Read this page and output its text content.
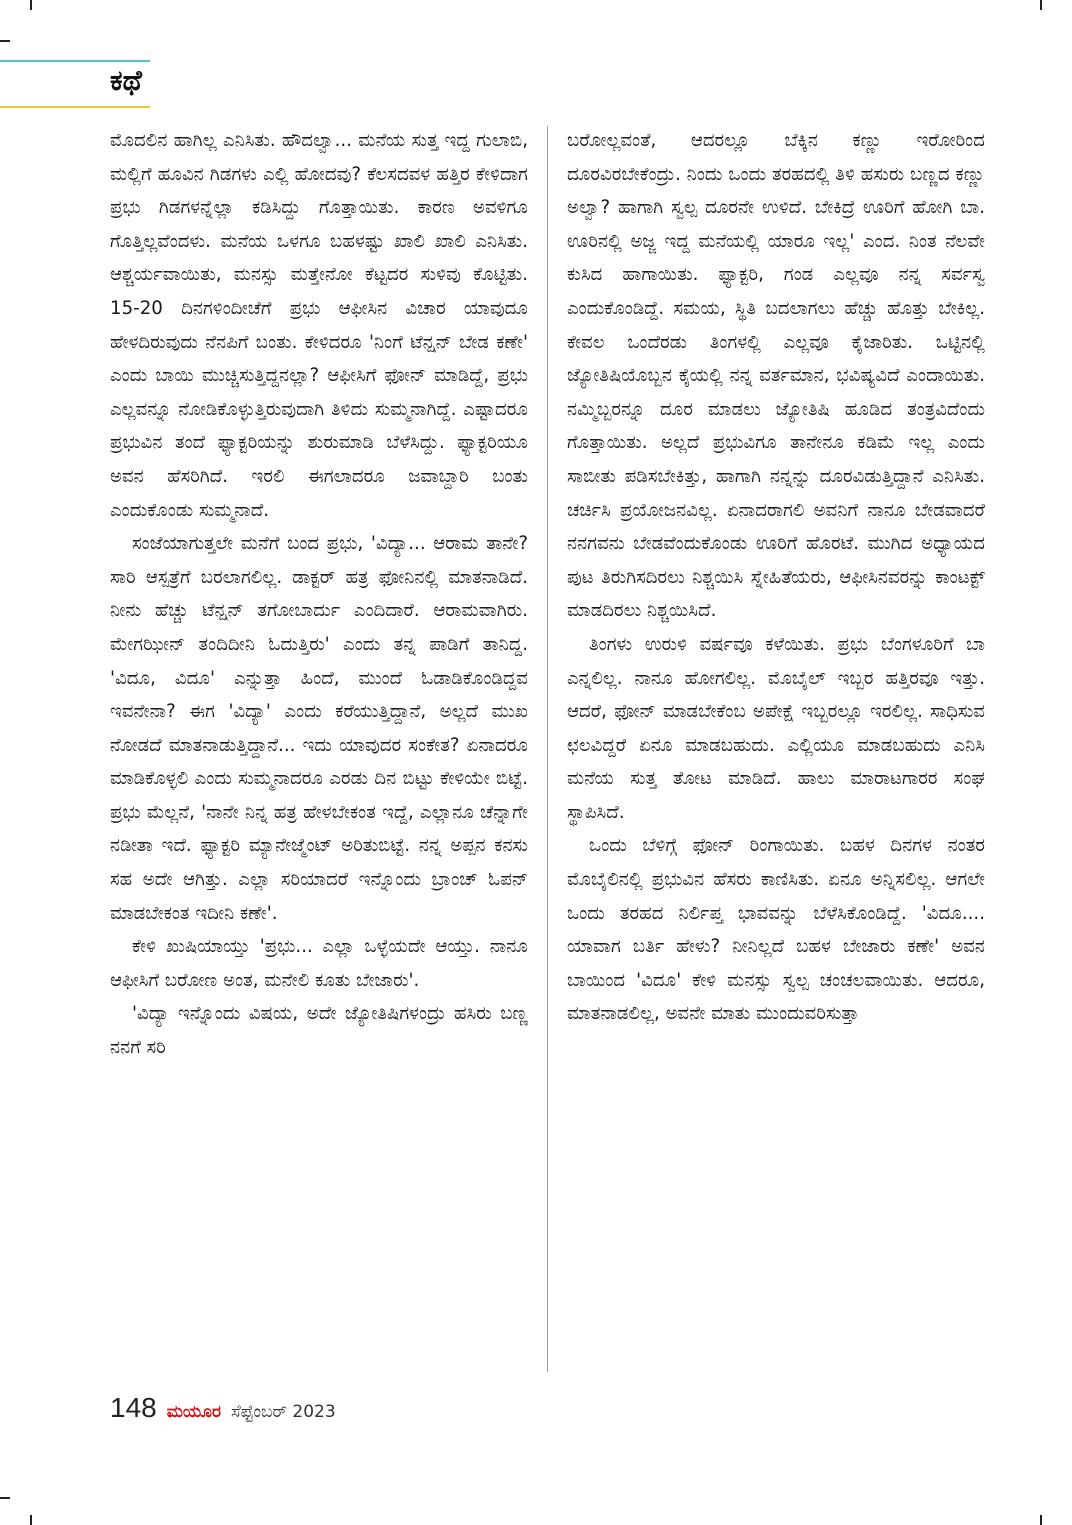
ಕಥೆ

ಮೊದಲಿನ ಹಾಗಿಲ್ಲ ಎನಿಸಿತು. ಹೌದಲ್ವಾ... ಮನೆಯ ಸುತ್ತ ಇದ್ದ ಗುಲಾಬಿ, ಮಲ್ಲಿಗೆ ಹೂವಿನ ಗಿಡಗಳು ಎಲ್ಲಿ ಹೋದವು? ಕೆಲಸದವಳ ಹತ್ತಿರ ಕೇಳಿದಾಗ ಪ್ರಭು ಗಿಡಗಳನ್ನೆಲ್ಲಾ ಕಡಿಸಿದ್ದು ಗೊತ್ತಾಯಿತು. ಕಾರಣ ಅವಳಿಗೂ ಗೊತ್ತಿಲ್ಲವೆಂದಳು. ಮನೆಯ ಒಳಗೂ ಬಹಳಷ್ಟು ಖಾಲಿ ಖಾಲಿ ಎನಿಸಿತು. ಆಶ್ಚರ್ಯವಾಯಿತು, ಮನಸ್ಸು ಮತ್ತೇನೋ ಕೆಟ್ಟದರ ಸುಳಿವು ಕೊಟ್ಟಿತು. 15-20 ದಿನಗಳಿಂದೀಚೆಗೆ ಪ್ರಭು ಆಫೀಸಿನ ವಿಚಾರ ಯಾವುದೂ ಹೇಳದಿರುವುದು ನೆನಪಿಗೆ ಬಂತು. ಕೇಳಿದರೂ 'ನಿಂಗೆ ಟೆನ್ಷನ್ ಬೇಡ ಕಣೇ' ಎಂದು ಬಾಯಿ ಮುಚ್ಚಿಸುತ್ತಿದ್ದನಲ್ಲಾ? ಆಫೀಸಿಗೆ ಫೋನ್ ಮಾಡಿದ್ದೆ, ಪ್ರಭು ಎಲ್ಲವನ್ನೂ ನೋಡಿಕೊಳ್ಳುತ್ತಿರುವುದಾಗಿ ತಿಳಿದು ಸುಮ್ಮನಾಗಿದ್ದೆ. ಎಷ್ಟಾದರೂ ಪ್ರಭುವಿನ ತಂದೆ ಫ್ಯಾಕ್ಟರಿಯನ್ನು ಶುರುಮಾಡಿ ಬೆಳೆಸಿದ್ದು. ಫ್ಯಾಕ್ಟರಿಯೂ ಅವನ ಹೆಸರಿಗಿದೆ. ಇರಲಿ ಈಗಲಾದರೂ ಜವಾಬ್ದಾರಿ ಬಂತು ಎಂದುಕೊಂಡು ಸುಮ್ಮನಾದೆ.

ಸಂಜೆಯಾಗುತ್ತಲೇ ಮನೆಗೆ ಬಂದ ಪ್ರಭು, 'ವಿದ್ಯಾ... ಆರಾಮ ತಾನೇ? ಸಾರಿ ಆಸ್ಪತ್ರೆಗೆ ಬರಲಾಗಲಿಲ್ಲ. ಡಾಕ್ಟರ್ ಹತ್ರ ಫೋನಿನಲ್ಲಿ ಮಾತನಾಡಿದೆ. ನೀನು ಹೆಚ್ಚು ಟೆನ್ಷನ್ ತಗೋಬಾರ್ದು ಎಂದಿದಾರೆ. ಆರಾಮವಾಗಿರು. ಮೇಗಝೀನ್ ತಂದಿದೀನಿ ಓದುತ್ತಿರು' ಎಂದು ತನ್ನ ಪಾಡಿಗೆ ತಾನಿದ್ದ. 'ವಿದೂ, ವಿದೂ' ಎನ್ನುತ್ತಾ ಹಿಂದೆ, ಮುಂದೆ ಓಡಾಡಿಕೊಂಡಿದ್ದವ ಇವನೇನಾ? ಈಗ 'ವಿದ್ಯಾ' ಎಂದು ಕರೆಯುತ್ತಿದ್ದಾನೆ, ಅಲ್ಲದೆ ಮುಖ ನೋಡದೆ ಮಾತನಾಡುತ್ತಿದ್ದಾನೆ... ಇದು ಯಾವುದರ ಸಂಕೇತ? ಏನಾದರೂ ಮಾಡಿಕೊಳ್ಳಲಿ ಎಂದು ಸುಮ್ಮನಾದರೂ ಎರಡು ದಿನ ಬಿಟ್ಟು ಕೇಳಿಯೇ ಬಿಟ್ಟೆ. ಪ್ರಭು ಮೆಲ್ಲನೆ, 'ನಾನೇ ನಿನ್ನ ಹತ್ರ ಹೇಳಬೇಕಂತ ಇದ್ದೆ, ಎಲ್ಲಾನೂ ಚೆನ್ನಾಗೇ ನಡೀತಾ ಇದೆ. ಫ್ಯಾಕ್ಟರಿ ಮ್ಯಾನೇಜ್ಮೆಂಟ್ ಅರಿತುಬಿಟ್ಟೆ. ನನ್ನ ಅಪ್ಪನ ಕನಸು ಸಹ ಅದೇ ಆಗಿತ್ತು. ಎಲ್ಲಾ ಸರಿಯಾದರೆ ಇನ್ನೊಂದು ಬ್ರಾಂಚ್ ಓಪನ್ ಮಾಡಬೇಕಂತ ಇದೀನಿ ಕಣೇ'.

ಕೇಳಿ ಖುಷಿಯಾಯ್ತು 'ಪ್ರಭು... ಎಲ್ಲಾ ಒಳ್ಳೆಯದೇ ಆಯ್ತು. ನಾನೂ ಆಫೀಸಿಗೆ ಬರೋಣ ಅಂತ, ಮನೇಲಿ ಕೂತು ಬೇಜಾರು'.

'ವಿದ್ಯಾ ಇನ್ನೊಂದು ವಿಷಯ, ಅದೇ ಜ್ಯೋತಿಷಿಗಳಂದ್ರು ಹಸಿರು ಬಣ್ಣ ನನಗೆ ಸರಿ

ಬರೋಲ್ಲವಂತೆ, ಆದರಲ್ಲೂ ಬೆಕ್ಕಿನ ಕಣ್ಣು ಇರೋರಿಂದ ದೂರವಿರಬೇಕೆಂದ್ರು. ನಿಂದು ಒಂದು ತರಹದಲ್ಲಿ ತಿಳಿ ಹಸುರು ಬಣ್ಣದ ಕಣ್ಣು ಅಲ್ವಾ? ಹಾಗಾಗಿ ಸ್ವಲ್ಪ ದೂರನೇ ಉಳಿದೆ. ಬೇಕಿದ್ರೆ ಊರಿಗೆ ಹೋಗಿ ಬಾ. ಊರಿನಲ್ಲಿ ಅಜ್ಜ ಇದ್ದ ಮನೆಯಲ್ಲಿ ಯಾರೂ ಇಲ್ಲ' ಎಂದ. ನಿಂತ ನೆಲವೇ ಕುಸಿದ ಹಾಗಾಯಿತು. ಫ್ಯಾಕ್ಟರಿ, ಗಂಡ ಎಲ್ಲವೂ ನನ್ನ ಸರ್ವಸ್ವ ಎಂದುಕೊಂಡಿದ್ದೆ. ಸಮಯ, ಸ್ಥಿತಿ ಬದಲಾಗಲು ಹೆಚ್ಚು ಹೊತ್ತು ಬೇಕಿಲ್ಲ. ಕೇವಲ ಒಂದೆರಡು ತಿಂಗಳಲ್ಲಿ ಎಲ್ಲವೂ ಕೈಜಾರಿತು. ಒಟ್ಟಿನಲ್ಲಿ ಜ್ಯೋತಿಷಿಯೊಬ್ಬನ ಕೈಯಲ್ಲಿ ನನ್ನ ವರ್ತಮಾನ, ಭವಿಷ್ಯವಿದೆ ಎಂದಾಯಿತು. ನಮ್ಮಿಬ್ಬರನ್ನೂ ದೂರ ಮಾಡಲು ಜ್ಯೋತಿಷಿ ಹೂಡಿದ ತಂತ್ರವಿದೆಂದು ಗೊತ್ತಾಯಿತು. ಅಲ್ಲದೆ ಪ್ರಭುವಿಗೂ ತಾನೇನೂ ಕಡಿಮೆ ಇಲ್ಲ ಎಂದು ಸಾಬೀತು ಪಡಿಸಬೇಕಿತ್ತು, ಹಾಗಾಗಿ ನನ್ನನ್ನು ದೂರವಿಡುತ್ತಿದ್ದಾನೆ ಎನಿಸಿತು. ಚರ್ಚಿಸಿ ಪ್ರಯೋಜನವಿಲ್ಲ. ಏನಾದರಾಗಲಿ ಅವನಿಗೆ ನಾನೂ ಬೇಡವಾದರೆ ನನಗವನು ಬೇಡವೆಂದುಕೊಂಡು ಊರಿಗೆ ಹೊರಟೆ. ಮುಗಿದ ಅಧ್ಯಾಯದ ಪುಟ ತಿರುಗಿಸದಿರಲು ನಿಶ್ಚಯಿಸಿ ಸ್ನೇಹಿತೆಯರು, ಆಫೀಸಿನವರನ್ನು ಕಾಂಟಕ್ಟ್ ಮಾಡದಿರಲು ನಿಶ್ಚಯಿಸಿದೆ.

ತಿಂಗಳು ಉರುಳಿ ವರ್ಷವೂ ಕಳೆಯಿತು. ಪ್ರಭು ಬೆಂಗಳೂರಿಗೆ ಬಾ ಎನ್ನಲಿಲ್ಲ. ನಾನೂ ಹೋಗಲಿಲ್ಲ. ಮೊಬೈಲ್ ಇಬ್ಬರ ಹತ್ತಿರವೂ ಇತ್ತು. ಆದರೆ, ಫೋನ್ ಮಾಡಬೇಕೆಂಬ ಅಪೇಕ್ಷೆ ಇಬ್ಬರಲ್ಲೂ ಇರಲಿಲ್ಲ. ಸಾಧಿಸುವ ಛಲವಿದ್ದರೆ ಏನೂ ಮಾಡಬಹುದು. ಎಲ್ಲಿಯೂ ಮಾಡಬಹುದು ಎನಿಸಿ ಮನೆಯ ಸುತ್ತ ತೋಟ ಮಾಡಿದೆ. ಹಾಲು ಮಾರಾಟಗಾರರ ಸಂಘ ಸ್ಥಾಪಿಸಿದೆ.

ಒಂದು ಬೆಳಿಗ್ಗೆ ಫೋನ್ ರಿಂಗಾಯಿತು. ಬಹಳ ದಿನಗಳ ನಂತರ ಮೊಬೈಲಿನಲ್ಲಿ ಪ್ರಭುವಿನ ಹೆಸರು ಕಾಣಿಸಿತು. ಏನೂ ಅನ್ನಿಸಲಿಲ್ಲ. ಆಗಲೇ ಒಂದು ತರಹದ ನಿರ್ಲಿಪ್ತ ಭಾವವನ್ನು ಬೆಳೆಸಿಕೊಂಡಿದ್ದೆ. 'ವಿದೂ.... ಯಾವಾಗ ಬರ್ತಿ ಹೇಳು? ನೀನಿಲ್ಲದೆ ಬಹಳ ಬೇಜಾರು ಕಣೇ' ಅವನ ಬಾಯಿಂದ 'ವಿದೂ' ಕೇಳಿ ಮನಸ್ಸು ಸ್ವಲ್ಪ ಚಂಚಲವಾಯಿತು. ಆದರೂ, ಮಾತನಾಡಲಿಲ್ಲ, ಅವನೇ ಮಾತು ಮುಂದುವರಿಸುತ್ತಾ

148 ಮಯೂರ ಸೆಪ್ಟೆಂಬರ್ 2023
